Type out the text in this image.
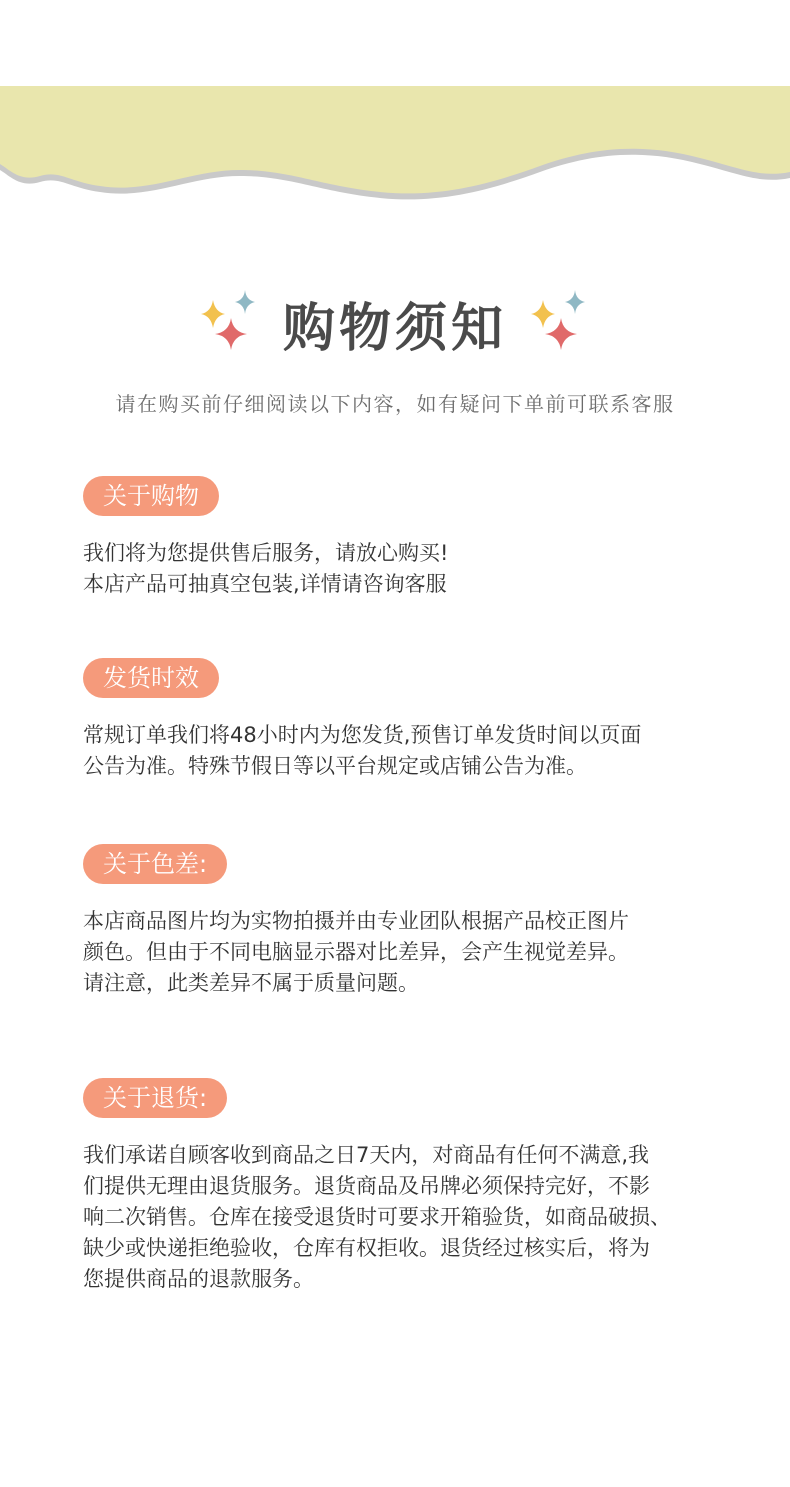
购物须知
请在购买前仔细阅读以下内容，如有疑问下单前可联系客服
关于购物
我们将为您提供售后服务，请放心购买!
本店产品可抽真空包装,详情请咨询客服
发货时效
常规订单我们将48小时内为您发货,预售订单发货时间以页面
公告为准。特殊节假日等以平台规定或店铺公告为准。
关于色差:
本店商品图片均为实物拍摄并由专业团队根据产品校正图片
颜色。但由于不同电脑显示器对比差异，会产生视觉差异。
请注意，此类差异不属于质量问题。
关于退货:
我们承诺自顾客收到商品之日7天内，对商品有任何不满意,我
们提供无理由退货服务。退货商品及吊牌必须保持完好，不影
响二次销售。仓库在接受退货时可要求开箱验货，如商品破损、
缺少或快递拒绝验收，仓库有权拒收。退货经过核实后，将为
您提供商品的退款服务。
